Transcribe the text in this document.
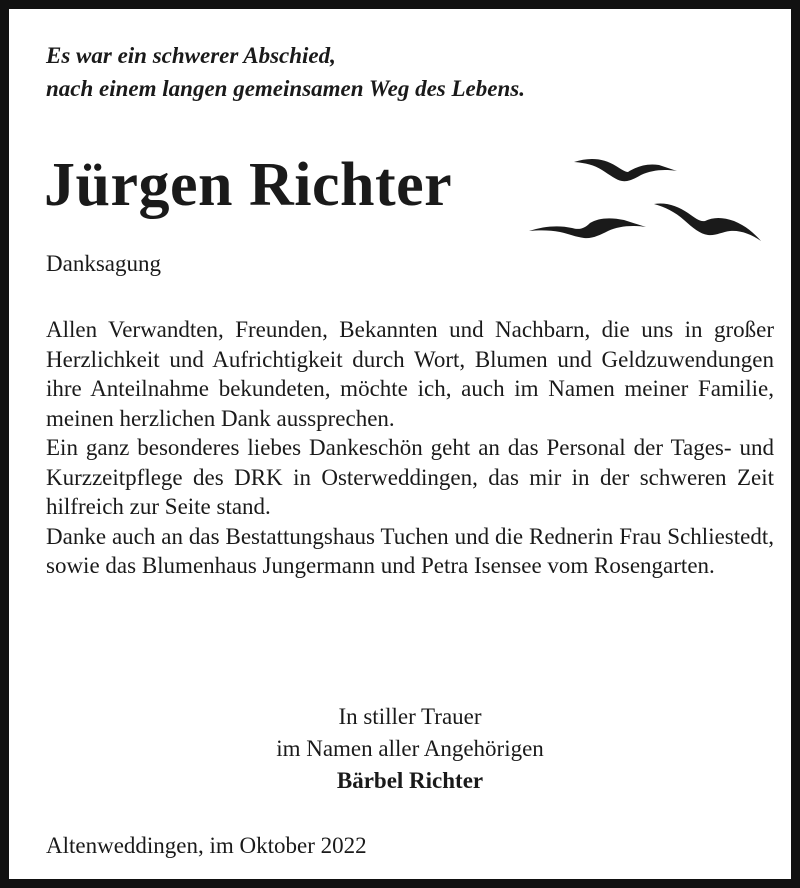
Es war ein schwerer Abschied,
nach einem langen gemeinsamen Weg des Lebens.
Jürgen Richter

Danksagung

Allen Verwandten, Freunden, Bekannten und Nachbarn, die uns in großer Herzlichkeit und Aufrichtigkeit durch Wort, Blumen und Geldzuwendungen ihre Anteilnahme bekundeten, möchte ich, auch im Namen meiner Familie, meinen herzlichen Dank aussprechen.

Ein ganz besonderes liebes Dankeschön geht an das Personal der Tages- und Kurzzeitpflege des DRK in Osterweddingen, das mir in der schweren Zeit hilfreich zur Seite stand.

Danke auch an das Bestattungshaus Tuchen und die Rednerin Frau Schliestedt, sowie das Blumenhaus Jungermann und Petra Isensee vom Rosengarten.

In stiller Trauer
im Namen aller Angehörigen
Bärbel Richter

Altenweddingen, im Oktober 2022
